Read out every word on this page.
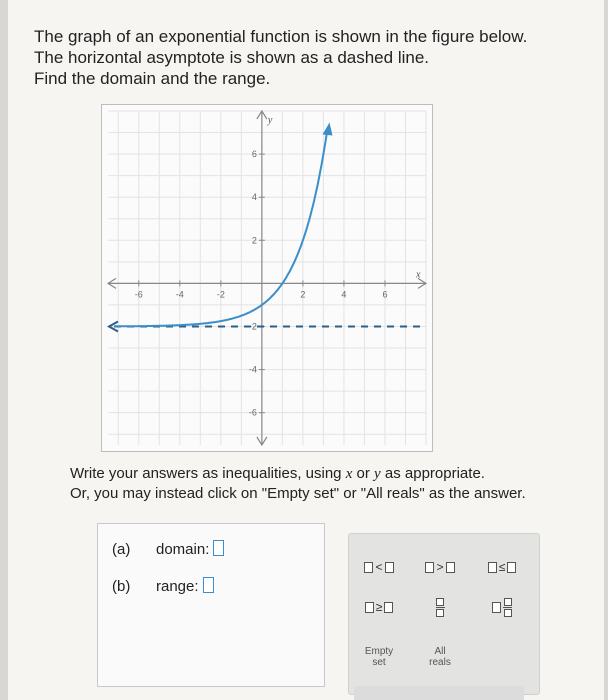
The graph of an exponential function is shown in the figure below.
The horizontal asymptote is shown as a dashed line.
Find the domain and the range.
x
y
-6	-4	-2	2	4	6
6
4
2
-2
-4
-6
Write your answers as inequalities, using x or y as appropriate.
Or, you may instead click on "Empty set" or "All reals" as the answer.
(a) domain:
(b) range:
<	>	≤
≥
Empty
set
All
reals
